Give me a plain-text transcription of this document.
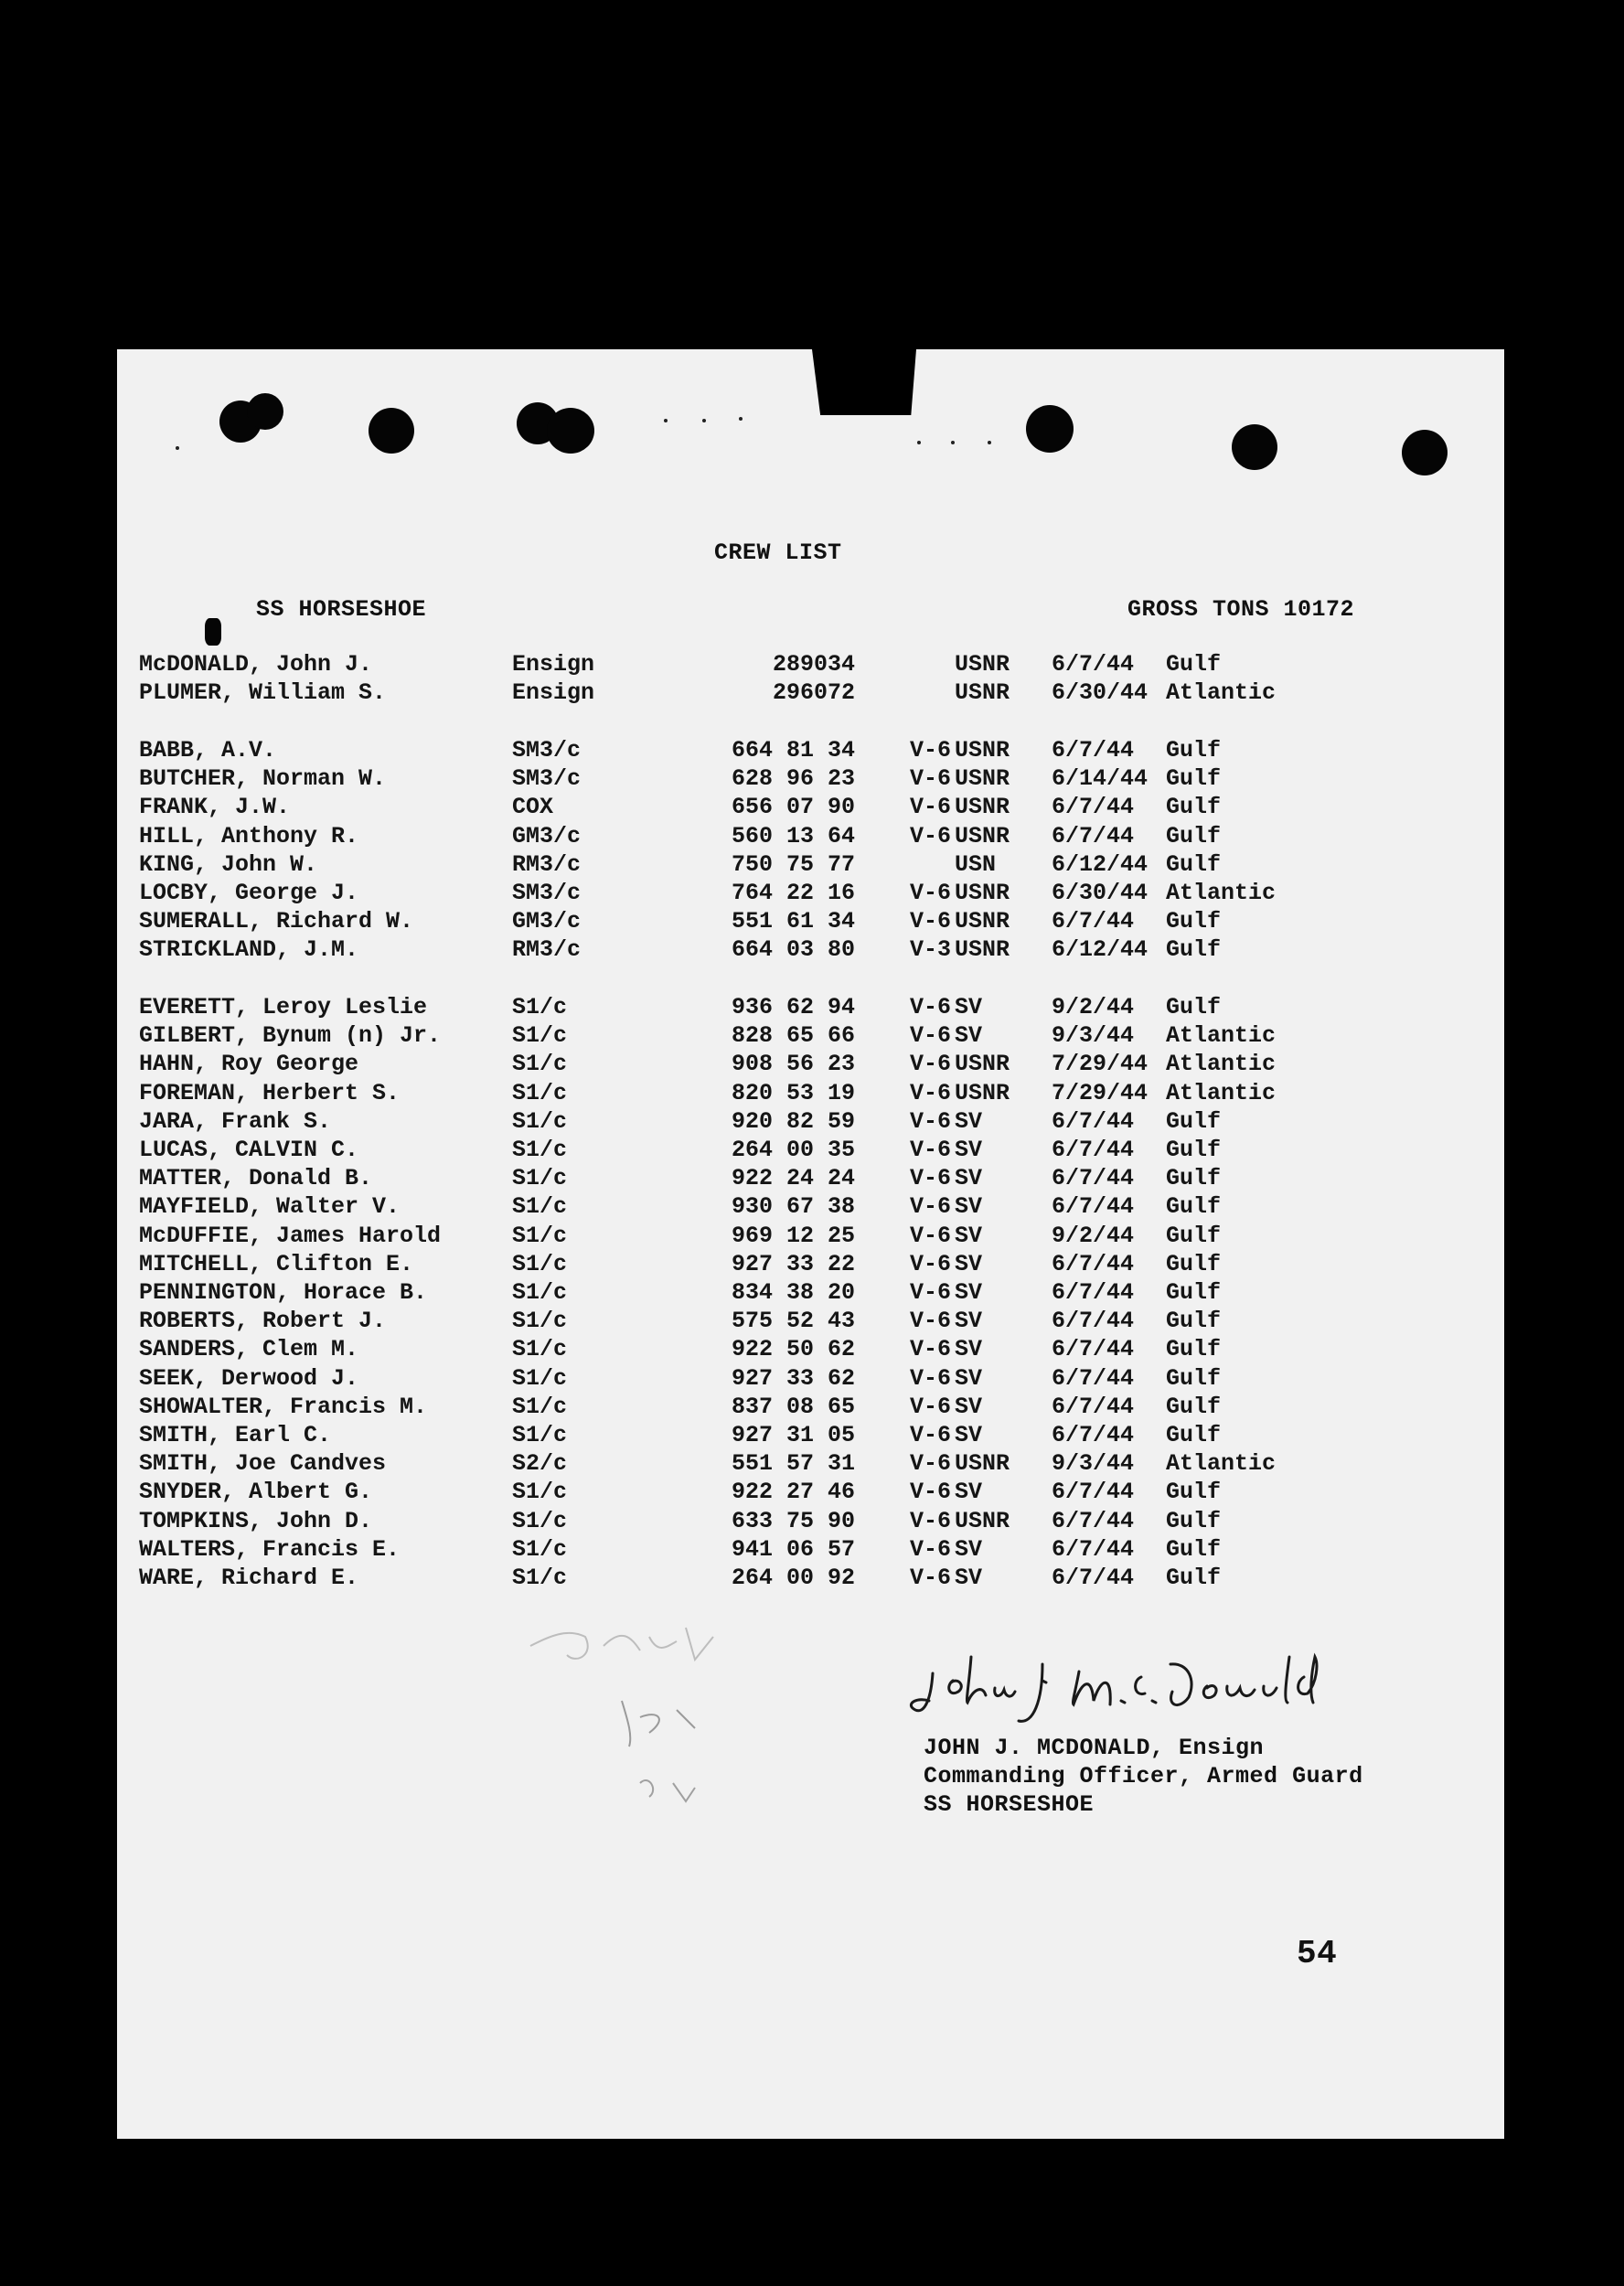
CREW LIST
SS HORSESHOE	GROSS TONS 10172
McDONALD, John J.	Ensign	289034	USNR 6/7/44 Gulf
PLUMER, William S.	Ensign	296072	USNR 6/30/44 Atlantic
BABB, A.V.	SM3/c	664 81 34 V-6 USNR 6/7/44 Gulf
BUTCHER, Norman W.	SM3/c	628 96 23 V-6 USNR 6/14/44 Gulf
FRANK, J.W.	COX	656 07 90 V-6 USNR 6/7/44 Gulf
HILL, Anthony R.	GM3/c	560 13 64 V-6 USNR 6/7/44 Gulf
KING, John W.	RM3/c	750 75 77	USN 6/12/44 Gulf
LOCBY, George J.	SM3/c	764 22 16 V-6 USNR 6/30/44 Atlantic
SUMERALL, Richard W.	GM3/c	551 61 34 V-6 USNR 6/7/44 Gulf
STRICKLAND, J.M.	RM3/c	664 03 80 V-3 USNR 6/12/44 Gulf
EVERETT, Leroy Leslie	S1/c	936 62 94 V-6 SV	9/2/44 Gulf
GILBERT, Bynum (n) Jr.	S1/c	828 65 66 V-6 SV	9/3/44 Atlantic
HAHN, Roy George	S1/c	908 56 23 V-6 USNR 7/29/44 Atlantic
FOREMAN, Herbert S.	S1/c	820 53 19 V-6 USNR 7/29/44 Atlantic
JARA, Frank S.	S1/c	920 82 59 V-6 SV	6/7/44 Gulf
LUCAS, CALVIN C.	S1/c	264 00 35 V-6 SV	6/7/44 Gulf
MATTER, Donald B.	S1/c	922 24 24 V-6 SV	6/7/44 Gulf
MAYFIELD, Walter V.	S1/c	930 67 38 V-6 SV	6/7/44 Gulf
McDUFFIE, James Harold	S1/c	969 12 25 V-6 SV	9/2/44 Gulf
MITCHELL, Clifton E.	S1/c	927 33 22 V-6 SV	6/7/44 Gulf
PENNINGTON, Horace B.	S1/c	834 38 20 V-6 SV	6/7/44 Gulf
ROBERTS, Robert J.	S1/c	575 52 43 V-6 SV	6/7/44 Gulf
SANDERS, Clem M.	S1/c	922 50 62 V-6 SV	6/7/44 Gulf
SEEK, Derwood J.	S1/c	927 33 62 V-6 SV	6/7/44 Gulf
SHOWALTER, Francis M.	S1/c	837 08 65 V-6 SV	6/7/44 Gulf
SMITH, Earl C.	S1/c	927 31 05 V-6 SV	6/7/44 Gulf
SMITH, Joe Candves	S2/c	551 57 31 V-6 USNR 9/3/44 Atlantic
SNYDER, Albert G.	S1/c	922 27 46 V-6 SV	6/7/44 Gulf
TOMPKINS, John D.	S1/c	633 75 90 V-6 USNR 6/7/44 Gulf
WALTERS, Francis E.	S1/c	941 06 57 V-6 SV	6/7/44 Gulf
WARE, Richard E.	S1/c	264 00 92 V-6 SV	6/7/44 Gulf
JOHN J. MCDONALD, Ensign
Commanding Officer, Armed Guard
SS HORSESHOE
54
